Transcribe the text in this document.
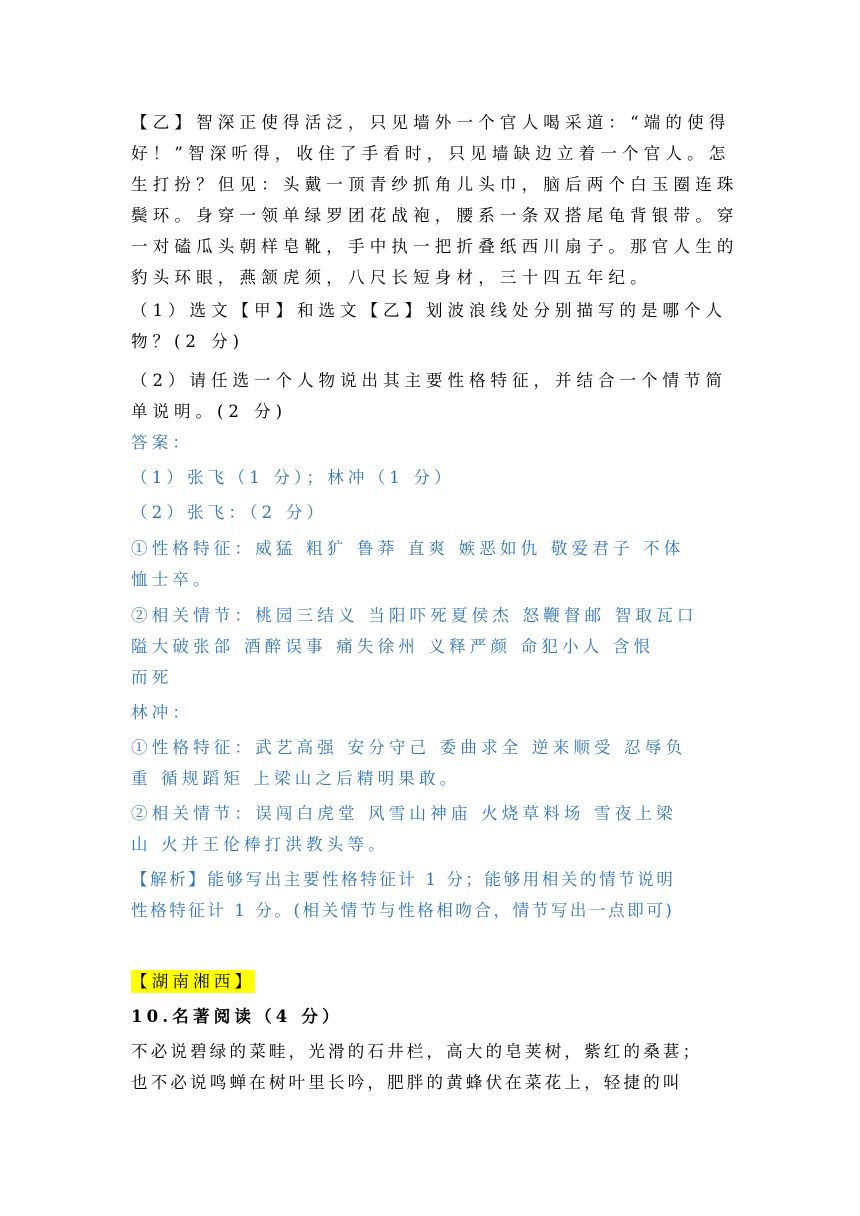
【乙】智深正使得活泛，只见墙外一个官人喝采道：“端的使得
好！”智深听得，收住了手看时，只见墙缺边立着一个官人。怎
生打扮？但见：头戴一顶青纱抓角儿头巾，脑后两个白玉圈连珠
鬓环。身穿一领单绿罗团花战袍，腰系一条双搭尾龟背银带。穿
一对磕瓜头朝样皂靴，手中执一把折叠纸西川扇子。那官人生的
豹头环眼，燕颔虎须，八尺长短身材，三十四五年纪。
（1）选文【甲】和选文【乙】划波浪线处分别描写的是哪个人
物？(2 分)
（2）请任选一个人物说出其主要性格特征，并结合一个情节简
单说明。(2 分)
答案：
（1）张飞（1 分）；林冲（1 分）
（2）张飞：（2 分）
①性格特征：威猛 粗犷 鲁莽 直爽 嫉恶如仇 敬爱君子 不体
恤士卒。
②相关情节：桃园三结义 当阳吓死夏侯杰 怒鞭督邮 智取瓦口
隘大破张郃 酒醉误事 痛失徐州 义释严颜 命犯小人 含恨
而死
林冲：
①性格特征：武艺高强 安分守己 委曲求全 逆来顺受 忍辱负
重 循规蹈矩 上梁山之后精明果敢。
②相关情节：误闯白虎堂 风雪山神庙 火烧草料场 雪夜上梁
山 火并王伦棒打洪教头等。
【解析】能够写出主要性格特征计 1 分；能够用相关的情节说明
性格特征计 1 分。(相关情节与性格相吻合，情节写出一点即可)
【湖南湘西】
10.名著阅读（4 分）
不必说碧绿的菜畦，光滑的石井栏，高大的皂荚树，紫红的桑葚；
也不必说鸣蝉在树叶里长吟，肥胖的黄蜂伏在菜花上，轻捷的叫
